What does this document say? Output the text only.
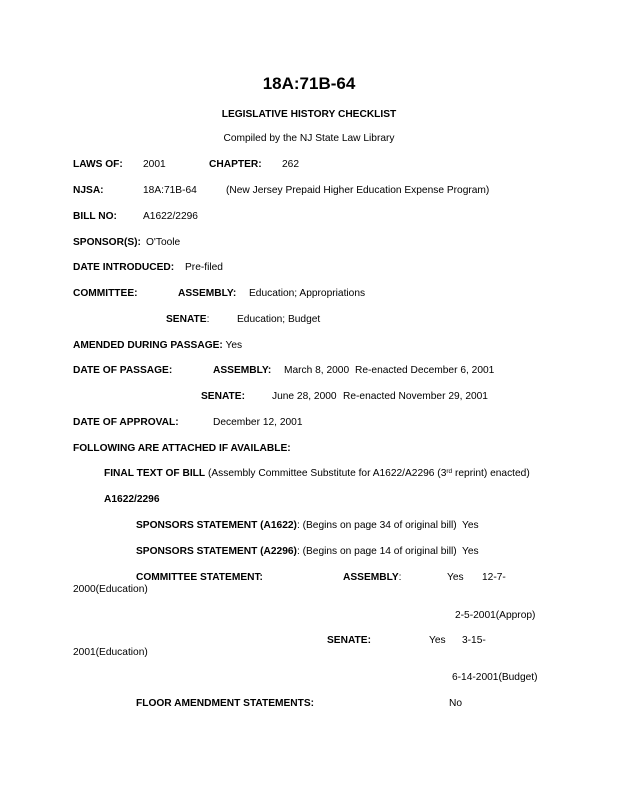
18A:71B-64
LEGISLATIVE HISTORY CHECKLIST
Compiled by the NJ State Law Library
LAWS OF: 2001	CHAPTER: 262
NJSA:	18A:71B-64	(New Jersey Prepaid Higher Education Expense Program)
BILL NO:	A1622/2296
SPONSOR(S): O'Toole
DATE INTRODUCED: Pre-filed
COMMITTEE:	ASSEMBLY: Education; Appropriations
SENATE:	Education; Budget
AMENDED DURING PASSAGE: Yes
DATE OF PASSAGE:	ASSEMBLY: March 8, 2000 Re-enacted December 6, 2001
SENATE:	June 28, 2000 Re-enacted November 29, 2001
DATE OF APPROVAL:	December 12, 2001
FOLLOWING ARE ATTACHED IF AVAILABLE:
FINAL TEXT OF BILL (Assembly Committee Substitute for A1622/A2296 (3rd reprint) enacted)
A1622/2296
SPONSORS STATEMENT (A1622): (Begins on page 34 of original bill) Yes
SPONSORS STATEMENT (A2296): (Begins on page 14 of original bill) Yes
COMMITTEE STATEMENT:	ASSEMBLY:	Yes 12-7-
2000(Education)
2-5-2001(Approp)
SENATE:	Yes 3-15-
2001(Education)
6-14-2001(Budget)
FLOOR AMENDMENT STATEMENTS:	No
